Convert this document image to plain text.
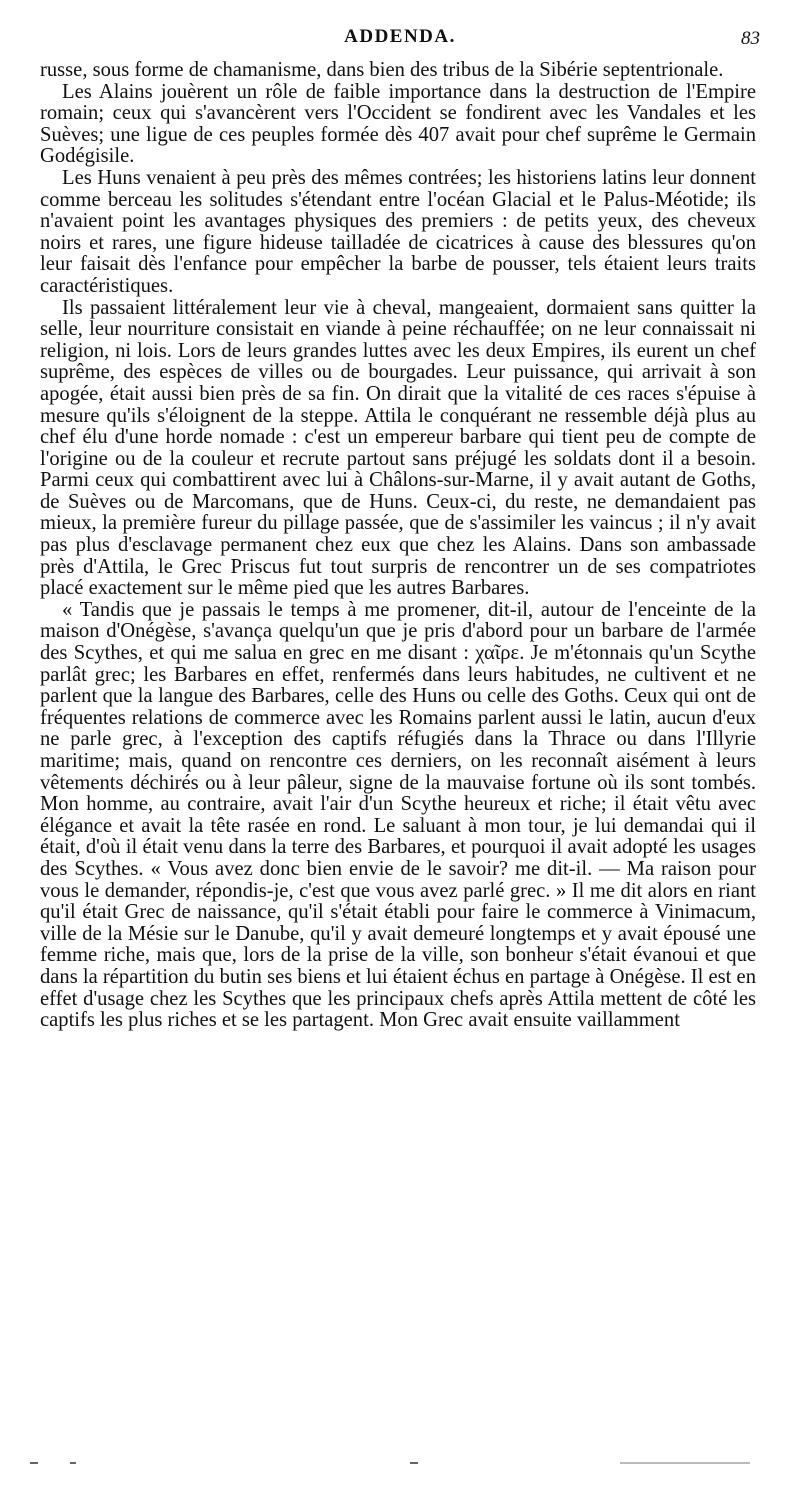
ADDENDA.	83

russe, sous forme de chamanisme, dans bien des tribus de la Sibérie septentrionale.

Les Alains jouèrent un rôle de faible importance dans la destruction de l'Empire romain; ceux qui s'avancèrent vers l'Occident se fondirent avec les Vandales et les Suèves; une ligue de ces peuples formée dès 407 avait pour chef suprême le Germain Godégisile.

Les Huns venaient à peu près des mêmes contrées; les historiens latins leur donnent comme berceau les solitudes s'étendant entre l'océan Glacial et le Palus-Méotide; ils n'avaient point les avantages physiques des premiers : de petits yeux, des cheveux noirs et rares, une figure hideuse tailladée de cicatrices à cause des blessures qu'on leur faisait dès l'enfance pour empêcher la barbe de pousser, tels étaient leurs traits caractéristiques.

Ils passaient littéralement leur vie à cheval, mangeaient, dormaient sans quitter la selle, leur nourriture consistait en viande à peine réchauffée; on ne leur connaissait ni religion, ni lois. Lors de leurs grandes luttes avec les deux Empires, ils eurent un chef suprême, des espèces de villes ou de bourgades. Leur puissance, qui arrivait à son apogée, était aussi bien près de sa fin. On dirait que la vitalité de ces races s'épuise à mesure qu'ils s'éloignent de la steppe. Attila le conquérant ne ressemble déjà plus au chef élu d'une horde nomade : c'est un empereur barbare qui tient peu de compte de l'origine ou de la couleur et recrute partout sans préjugé les soldats dont il a besoin. Parmi ceux qui combattirent avec lui à Châlons-sur-Marne, il y avait autant de Goths, de Suèves ou de Marcomans, que de Huns. Ceux-ci, du reste, ne demandaient pas mieux, la première fureur du pillage passée, que de s'assimiler les vaincus ; il n'y avait pas plus d'esclavage permanent chez eux que chez les Alains. Dans son ambassade près d'Attila, le Grec Priscus fut tout surpris de rencontrer un de ses compatriotes placé exactement sur le même pied que les autres Barbares.

« Tandis que je passais le temps à me promener, dit-il, autour de l'enceinte de la maison d'Onégèse, s'avança quelqu'un que je pris d'abord pour un barbare de l'armée des Scythes, et qui me salua en grec en me disant : χαῖρε. Je m'étonnais qu'un Scythe parlât grec; les Barbares en effet, renfermés dans leurs habitudes, ne cultivent et ne parlent que la langue des Barbares, celle des Huns ou celle des Goths. Ceux qui ont de fréquentes relations de commerce avec les Romains parlent aussi le latin, aucun d'eux ne parle grec, à l'exception des captifs réfugiés dans la Thrace ou dans l'Illyrie maritime; mais, quand on rencontre ces derniers, on les reconnaît aisément à leurs vêtements déchirés ou à leur pâleur, signe de la mauvaise fortune où ils sont tombés. Mon homme, au contraire, avait l'air d'un Scythe heureux et riche; il était vêtu avec élégance et avait la tête rasée en rond. Le saluant à mon tour, je lui demandai qui il était, d'où il était venu dans la terre des Barbares, et pourquoi il avait adopté les usages des Scythes. « Vous avez donc bien envie de le savoir? me dit-il. — Ma raison pour vous le demander, répondis-je, c'est que vous avez parlé grec. » Il me dit alors en riant qu'il était Grec de naissance, qu'il s'était établi pour faire le commerce à Vinimacum, ville de la Mésie sur le Danube, qu'il y avait demeuré longtemps et y avait épousé une femme riche, mais que, lors de la prise de la ville, son bonheur s'était évanoui et que dans la répartition du butin ses biens et lui étaient échus en partage à Onégèse. Il est en effet d'usage chez les Scythes que les principaux chefs après Attila mettent de côté les captifs les plus riches et se les partagent. Mon Grec avait ensuite vaillamment
